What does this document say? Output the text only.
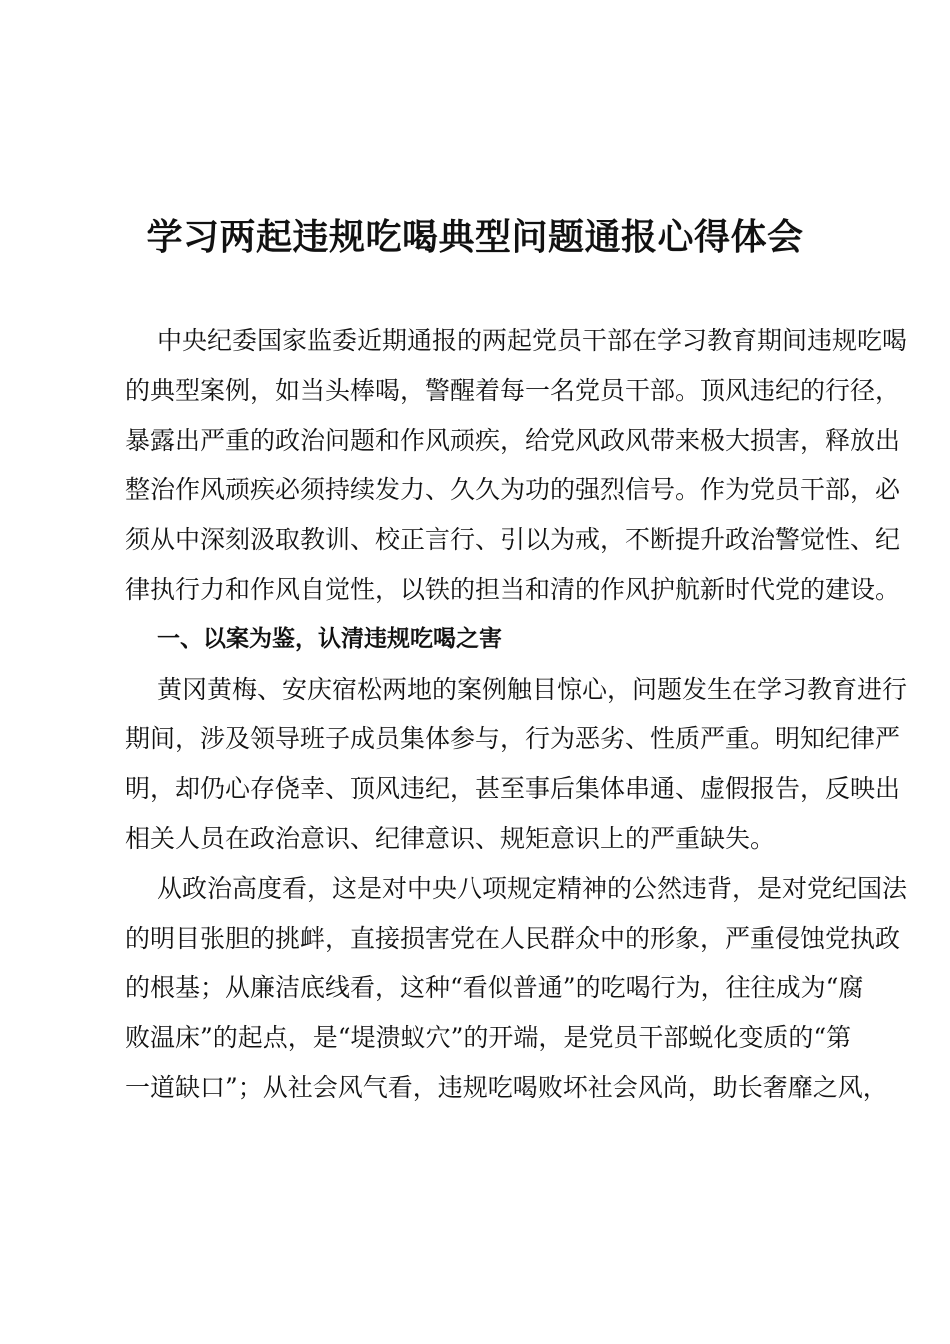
学习两起违规吃喝典型问题通报心得体会
中央纪委国家监委近期通报的两起党员干部在学习教育期间违规吃喝
的典型案例，如当头棒喝，警醒着每一名党员干部。顶风违纪的行径，
暴露出严重的政治问题和作风顽疾，给党风政风带来极大损害，释放出
整治作风顽疾必须持续发力、久久为功的强烈信号。作为党员干部，必
须从中深刻汲取教训、校正言行、引以为戒，不断提升政治警觉性、纪
律执行力和作风自觉性，以铁的担当和清的作风护航新时代党的建设。
一、以案为鉴，认清违规吃喝之害
黄冈黄梅、安庆宿松两地的案例触目惊心，问题发生在学习教育进行
期间，涉及领导班子成员集体参与，行为恶劣、性质严重。明知纪律严
明，却仍心存侥幸、顶风违纪，甚至事后集体串通、虚假报告，反映出
相关人员在政治意识、纪律意识、规矩意识上的严重缺失。
从政治高度看，这是对中央八项规定精神的公然违背，是对党纪国法
的明目张胆的挑衅，直接损害党在人民群众中的形象，严重侵蚀党执政
的根基；从廉洁底线看，这种“看似普通”的吃喝行为，往往成为“腐
败温床”的起点，是“堤溃蚁穴”的开端，是党员干部蜕化变质的“第
一道缺口”；从社会风气看，违规吃喝败坏社会风尚，助长奢靡之风，
